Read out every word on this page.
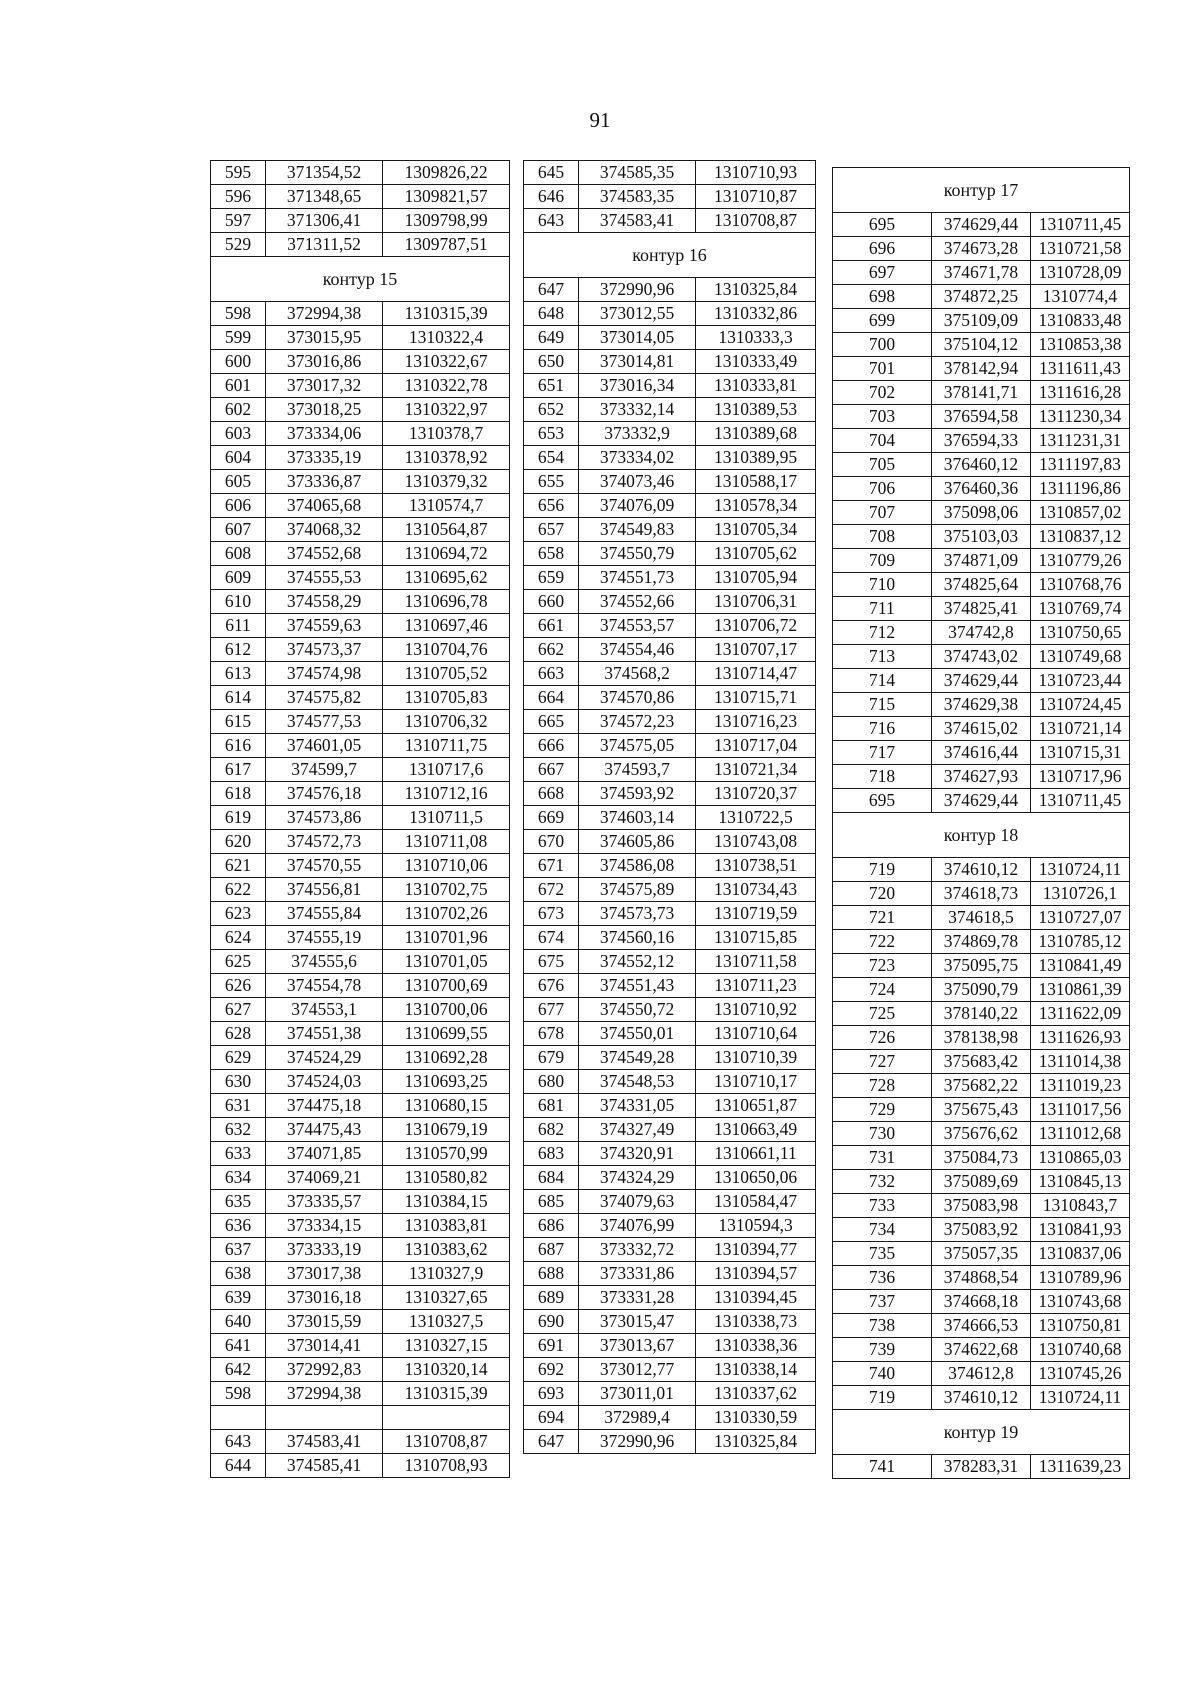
91
595	371354,52	1309826,22
596	371348,65	1309821,57
597	371306,41	1309798,99
529	371311,52	1309787,51
контур 15		
598	372994,38	1310315,39
599	373015,95	1310322,4
600	373016,86	1310322,67
601	373017,32	1310322,78
602	373018,25	1310322,97
603	373334,06	1310378,7
604	373335,19	1310378,92
605	373336,87	1310379,32
606	374065,68	1310574,7
607	374068,32	1310564,87
608	374552,68	1310694,72
609	374555,53	1310695,62
610	374558,29	1310696,78
611	374559,63	1310697,46
612	374573,37	1310704,76
613	374574,98	1310705,52
614	374575,82	1310705,83
615	374577,53	1310706,32
616	374601,05	1310711,75
617	374599,7	1310717,6
618	374576,18	1310712,16
619	374573,86	1310711,5
620	374572,73	1310711,08
621	374570,55	1310710,06
622	374556,81	1310702,75
623	374555,84	1310702,26
624	374555,19	1310701,96
625	374555,6	1310701,05
626	374554,78	1310700,69
627	374553,1	1310700,06
628	374551,38	1310699,55
629	374524,29	1310692,28
630	374524,03	1310693,25
631	374475,18	1310680,15
632	374475,43	1310679,19
633	374071,85	1310570,99
634	374069,21	1310580,82
635	373335,57	1310384,15
636	373334,15	1310383,81
637	373333,19	1310383,62
638	373017,38	1310327,9
639	373016,18	1310327,65
640	373015,59	1310327,5
641	373014,41	1310327,15
642	372992,83	1310320,14
598	372994,38	1310315,39

643	374583,41	1310708,87
644	374585,41	1310708,93
645	374585,35	1310710,93
646	374583,35	1310710,87
643	374583,41	1310708,87
контур 16		
647	372990,96	1310325,84
648	373012,55	1310332,86
649	373014,05	1310333,3
650	373014,81	1310333,49
651	373016,34	1310333,81
652	373332,14	1310389,53
653	373332,9	1310389,68
654	373334,02	1310389,95
655	374073,46	1310588,17
656	374076,09	1310578,34
657	374549,83	1310705,34
658	374550,79	1310705,62
659	374551,73	1310705,94
660	374552,66	1310706,31
661	374553,57	1310706,72
662	374554,46	1310707,17
663	374568,2	1310714,47
664	374570,86	1310715,71
665	374572,23	1310716,23
666	374575,05	1310717,04
667	374593,7	1310721,34
668	374593,92	1310720,37
669	374603,14	1310722,5
670	374605,86	1310743,08
671	374586,08	1310738,51
672	374575,89	1310734,43
673	374573,73	1310719,59
674	374560,16	1310715,85
675	374552,12	1310711,58
676	374551,43	1310711,23
677	374550,72	1310710,92
678	374550,01	1310710,64
679	374549,28	1310710,39
680	374548,53	1310710,17
681	374331,05	1310651,87
682	374327,49	1310663,49
683	374320,91	1310661,11
684	374324,29	1310650,06
685	374079,63	1310584,47
686	374076,99	1310594,3
687	373332,72	1310394,77
688	373331,86	1310394,57
689	373331,28	1310394,45
690	373015,47	1310338,73
691	373013,67	1310338,36
692	373012,77	1310338,14
693	373011,01	1310337,62
694	372989,4	1310330,59
647	372990,96	1310325,84
контур 17		
695	374629,44	1310711,45
696	374673,28	1310721,58
697	374671,78	1310728,09
698	374872,25	1310774,4
699	375109,09	1310833,48
700	375104,12	1310853,38
701	378142,94	1311611,43
702	378141,71	1311616,28
703	376594,58	1311230,34
704	376594,33	1311231,31
705	376460,12	1311197,83
706	376460,36	1311196,86
707	375098,06	1310857,02
708	375103,03	1310837,12
709	374871,09	1310779,26
710	374825,64	1310768,76
711	374825,41	1310769,74
712	374742,8	1310750,65
713	374743,02	1310749,68
714	374629,44	1310723,44
715	374629,38	1310724,45
716	374615,02	1310721,14
717	374616,44	1310715,31
718	374627,93	1310717,96
695	374629,44	1310711,45
контур 18		
719	374610,12	1310724,11
720	374618,73	1310726,1
721	374618,5	1310727,07
722	374869,78	1310785,12
723	375095,75	1310841,49
724	375090,79	1310861,39
725	378140,22	1311622,09
726	378138,98	1311626,93
727	375683,42	1311014,38
728	375682,22	1311019,23
729	375675,43	1311017,56
730	375676,62	1311012,68
731	375084,73	1310865,03
732	375089,69	1310845,13
733	375083,98	1310843,7
734	375083,92	1310841,93
735	375057,35	1310837,06
736	374868,54	1310789,96
737	374668,18	1310743,68
738	374666,53	1310750,81
739	374622,68	1310740,68
740	374612,8	1310745,26
719	374610,12	1310724,11
контур 19		
741	378283,31	1311639,23
